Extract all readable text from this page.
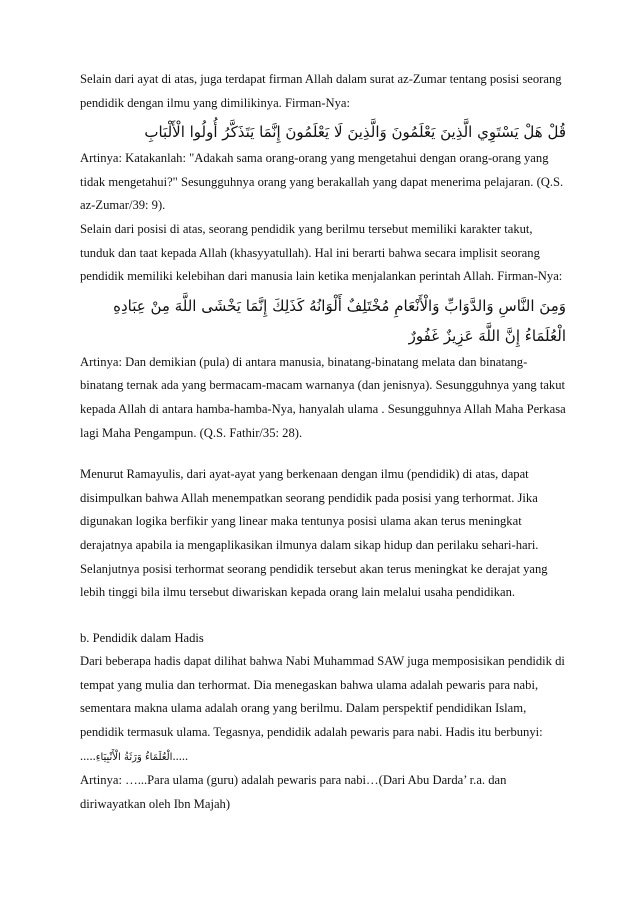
Selain dari ayat di atas, juga terdapat firman Allah dalam surat az-Zumar tentang posisi seorang pendidik dengan ilmu yang dimilikinya. Firman-Nya:

قُلْ هَلْ يَسْتَوِي الَّذِينَ يَعْلَمُونَ وَالَّذِينَ لَا يَعْلَمُونَ إِنَّمَا يَتَذَكَّرُ أُولُوا الْأَلْبَابِ

Artinya: Katakanlah: "Adakah sama orang-orang yang mengetahui dengan orang-orang yang tidak mengetahui?" Sesungguhnya orang yang berakallah yang dapat menerima pelajaran. (Q.S. az-Zumar/39: 9).

Selain dari posisi di atas, seorang pendidik yang berilmu tersebut memiliki karakter takut, tunduk dan taat kepada Allah (khasyyatullah). Hal ini berarti bahwa secara implisit seorang pendidik memiliki kelebihan dari manusia lain ketika menjalankan perintah Allah. Firman-Nya:

وَمِنَ النَّاسِ وَالدَّوَابِّ وَالْأَنْعَامِ مُخْتَلِفٌ أَلْوَانُهُ كَذَلِكَ إِنَّمَا يَخْشَى اللَّهَ مِنْ عِبَادِهِ الْعُلَمَاءُ إِنَّ اللَّهَ عَزِيزٌ غَفُورٌ

Artinya: Dan demikian (pula) di antara manusia, binatang-binatang melata dan binatang-binatang ternak ada yang bermacam-macam warnanya (dan jenisnya). Sesungguhnya yang takut kepada Allah di antara hamba-hamba-Nya, hanyalah ulama . Sesungguhnya Allah Maha Perkasa lagi Maha Pengampun. (Q.S. Fathir/35: 28).

Menurut Ramayulis, dari ayat-ayat yang berkenaan dengan ilmu (pendidik) di atas, dapat disimpulkan bahwa Allah menempatkan seorang pendidik pada posisi yang terhormat. Jika digunakan logika berfikir yang linear maka tentunya posisi ulama akan terus meningkat derajatnya apabila ia mengaplikasikan ilmunya dalam sikap hidup dan perilaku sehari-hari. Selanjutnya posisi terhormat seorang pendidik tersebut akan terus meningkat ke derajat yang lebih tinggi bila ilmu tersebut diwariskan kepada orang lain melalui usaha pendidikan.

b. Pendidik dalam Hadis

Dari beberapa hadis dapat dilihat bahwa Nabi Muhammad SAW juga memposisikan pendidik di tempat yang mulia dan terhormat. Dia menegaskan bahwa ulama adalah pewaris para nabi, sementara makna ulama adalah orang yang berilmu. Dalam perspektif pendidikan Islam, pendidik termasuk ulama. Tegasnya, pendidik adalah pewaris para nabi. Hadis itu berbunyi:

.....الْعُلَمَاءُ وَرَثَةُ الْأَنْبِيَاءِ.....

Artinya: …...Para ulama (guru) adalah pewaris para nabi…(Dari Abu Darda’ r.a. dan diriwayatkan oleh Ibn Majah)
